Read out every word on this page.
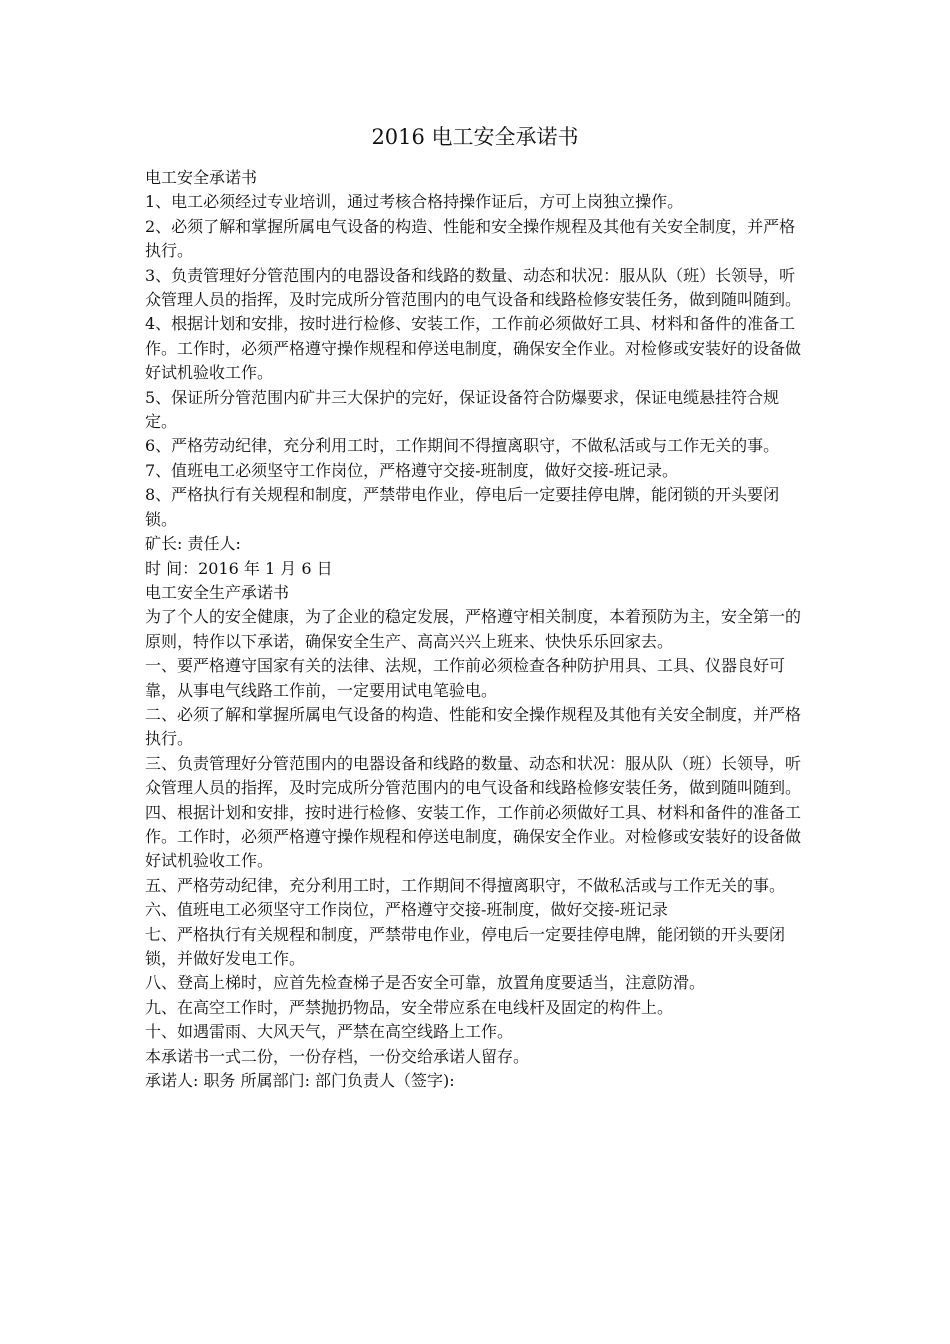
2016 电工安全承诺书

电工安全承诺书

1、电工必须经过专业培训，通过考核合格持操作证后，方可上岗独立操作。

2、必须了解和掌握所属电气设备的构造、性能和安全操作规程及其他有关安全制度，并严格执行。

3、负责管理好分管范围内的电器设备和线路的数量、动态和状况：服从队（班）长领导，听众管理人员的指挥，及时完成所分管范围内的电气设备和线路检修安装任务，做到随叫随到。

4、根据计划和安排，按时进行检修、安装工作，工作前必须做好工具、材料和备件的准备工作。工作时，必须严格遵守操作规程和停送电制度，确保安全作业。对检修或安装好的设备做好试机验收工作。

5、保证所分管范围内矿井三大保护的完好，保证设备符合防爆要求，保证电缆悬挂符合规定。

6、严格劳动纪律，充分利用工时，工作期间不得擅离职守，不做私活或与工作无关的事。

7、值班电工必须坚守工作岗位，严格遵守交接-班制度，做好交接-班记录。

8、严格执行有关规程和制度，严禁带电作业，停电后一定要挂停电牌，能闭锁的开头要闭锁。

矿长: 责任人:

时 间：2016 年 1 月 6 日

电工安全生产承诺书

为了个人的安全健康，为了企业的稳定发展，严格遵守相关制度，本着预防为主，安全第一的原则，特作以下承诺，确保安全生产、高高兴兴上班来、快快乐乐回家去。

一、要严格遵守国家有关的法律、法规，工作前必须检查各种防护用具、工具、仪器良好可靠，从事电气线路工作前，一定要用试电笔验电。

二、必须了解和掌握所属电气设备的构造、性能和安全操作规程及其他有关安全制度，并严格执行。

三、负责管理好分管范围内的电器设备和线路的数量、动态和状况：服从队（班）长领导，听众管理人员的指挥，及时完成所分管范围内的电气设备和线路检修安装任务，做到随叫随到。

四、根据计划和安排，按时进行检修、安装工作，工作前必须做好工具、材料和备件的准备工作。工作时，必须严格遵守操作规程和停送电制度，确保安全作业。对检修或安装好的设备做好试机验收工作。

五、严格劳动纪律，充分利用工时，工作期间不得擅离职守，不做私活或与工作无关的事。

六、值班电工必须坚守工作岗位，严格遵守交接-班制度，做好交接-班记录

七、严格执行有关规程和制度，严禁带电作业，停电后一定要挂停电牌，能闭锁的开头要闭锁，并做好发电工作。

八、登高上梯时，应首先检查梯子是否安全可靠，放置角度要适当，注意防滑。

九、在高空工作时，严禁抛扔物品，安全带应系在电线杆及固定的构件上。

十、如遇雷雨、大风天气，严禁在高空线路上工作。

本承诺书一式二份，一份存档，一份交给承诺人留存。

承诺人: 职务 所属部门: 部门负责人（签字):
